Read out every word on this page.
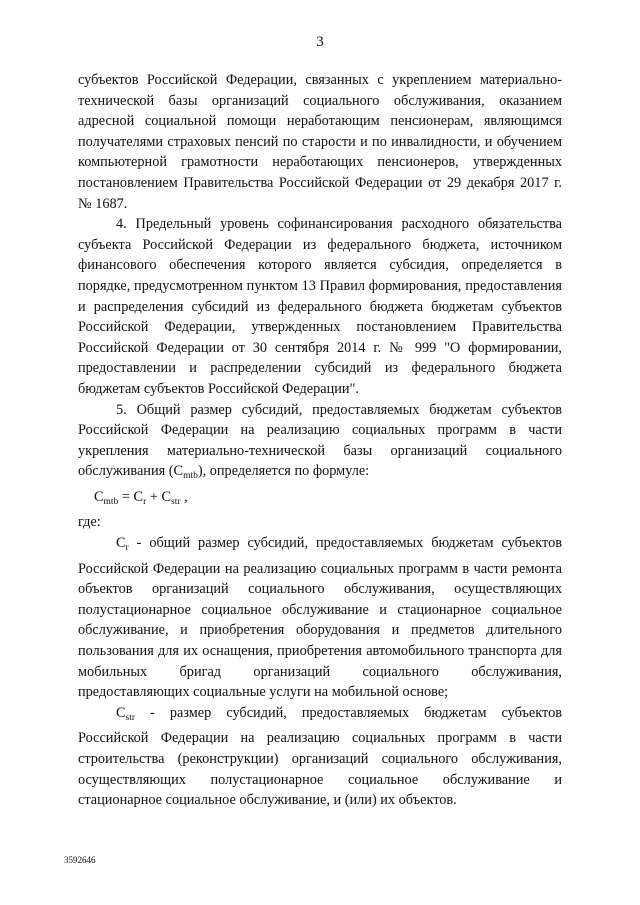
3

субъектов Российской Федерации, связанных с укреплением материально-технической базы организаций социального обслуживания, оказанием адресной социальной помощи неработающим пенсионерам, являющимся получателями страховых пенсий по старости и по инвалидности, и обучением компьютерной грамотности неработающих пенсионеров, утвержденных постановлением Правительства Российской Федерации от 29 декабря 2017 г. № 1687.

4. Предельный уровень софинансирования расходного обязательства субъекта Российской Федерации из федерального бюджета, источником финансового обеспечения которого является субсидия, определяется в порядке, предусмотренном пунктом 13 Правил формирования, предоставления и распределения субсидий из федерального бюджета бюджетам субъектов Российской Федерации, утвержденных постановлением Правительства Российской Федерации от 30 сентября 2014 г. № 999 "О формировании, предоставлении и распределении субсидий из федерального бюджета бюджетам субъектов Российской Федерации".

5. Общий размер субсидий, предоставляемых бюджетам субъектов Российской Федерации на реализацию социальных программ в части укрепления материально-технической базы организаций социального обслуживания $(С_{mtb})$, определяется по формуле:

$С_{mtb} = С_r + С_{str}$ ,

где:

$С_r$ - общий размер субсидий, предоставляемых бюджетам субъектов Российской Федерации на реализацию социальных программ в части ремонта объектов организаций социального обслуживания, осуществляющих полустационарное социальное обслуживание и стационарное социальное обслуживание, и приобретения оборудования и предметов длительного пользования для их оснащения, приобретения автомобильного транспорта для мобильных бригад организаций социального обслуживания, предоставляющих социальные услуги на мобильной основе;

$С_{str}$ - размер субсидий, предоставляемых бюджетам субъектов Российской Федерации на реализацию социальных программ в части строительства (реконструкции) организаций социального обслуживания, осуществляющих полустационарное социальное обслуживание и стационарное социальное обслуживание, и (или) их объектов.

3592646
